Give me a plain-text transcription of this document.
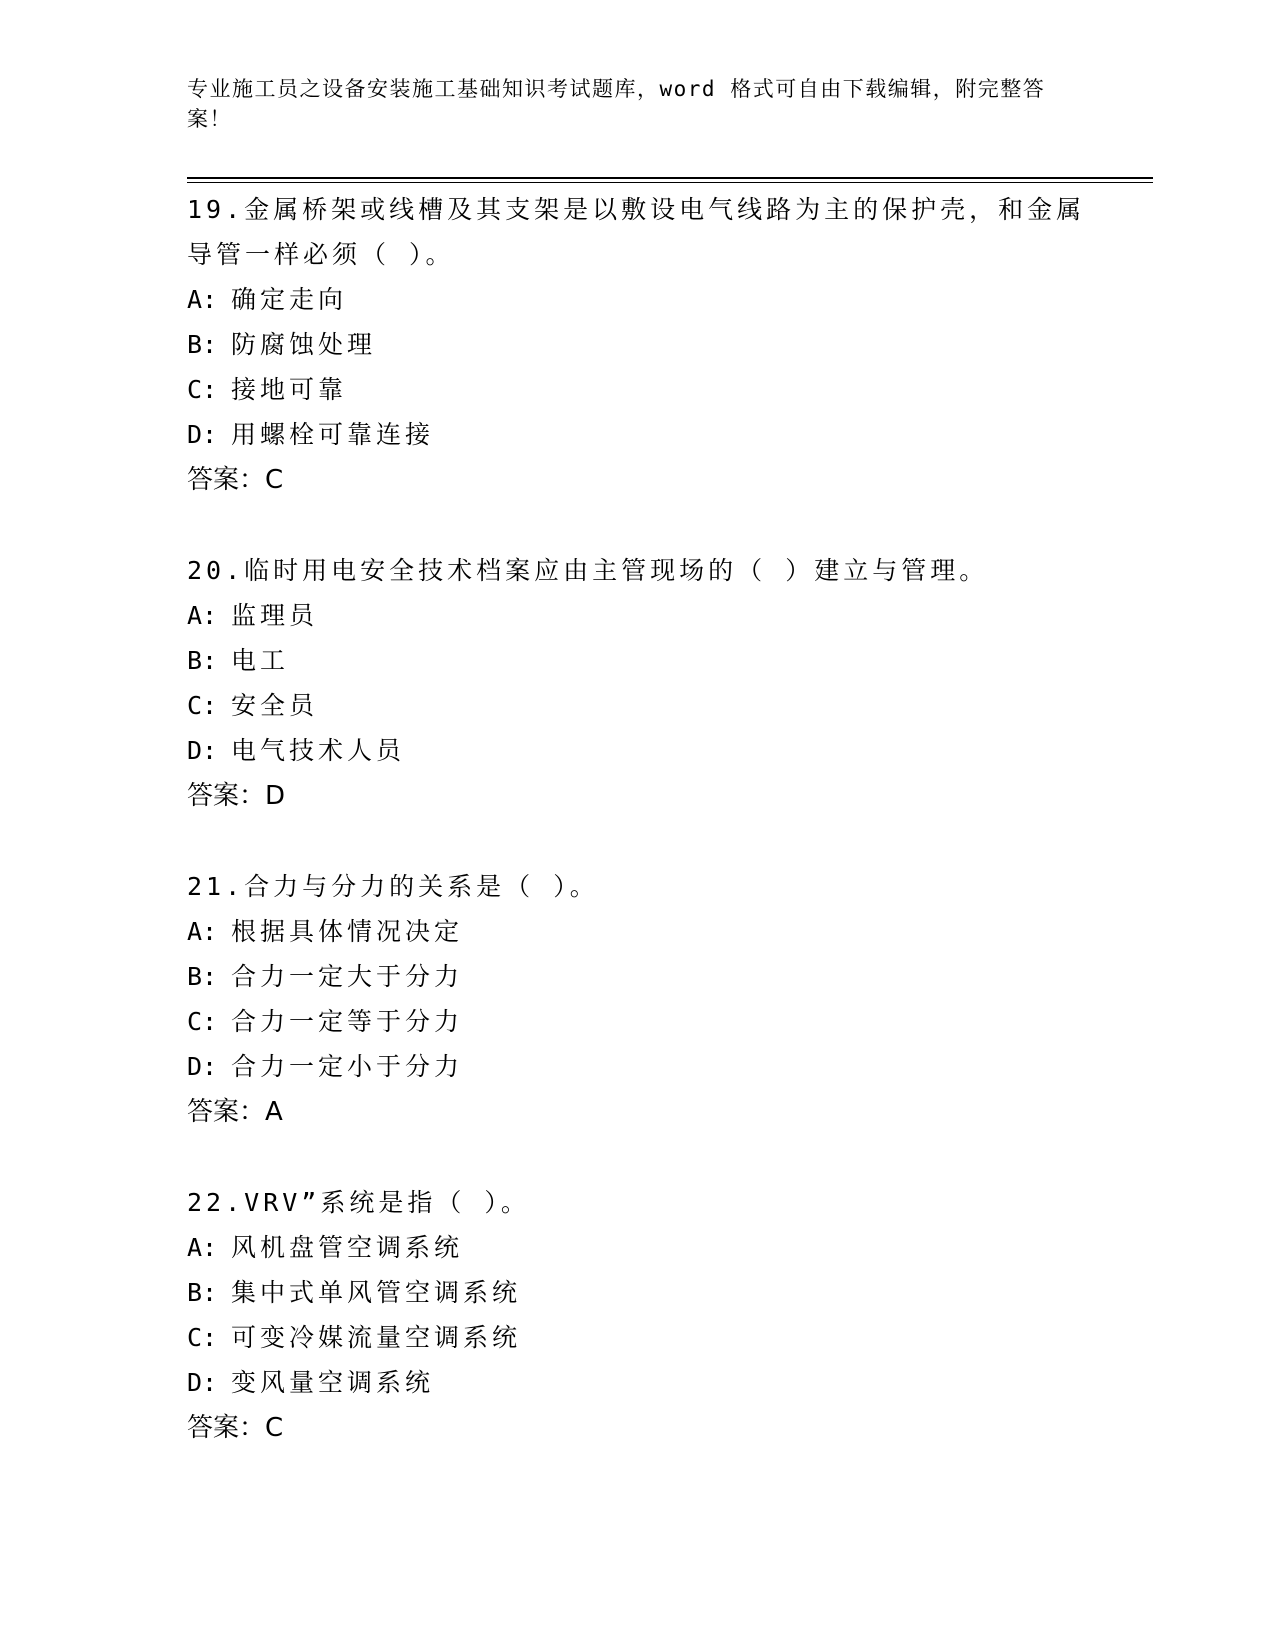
专业施工员之设备安装施工基础知识考试题库，word 格式可自由下载编辑，附完整答案！

19.金属桥架或线槽及其支架是以敷设电气线路为主的保护壳，和金属导管一样必须（ ）。

A: 确定走向

B: 防腐蚀处理

C: 接地可靠

D: 用螺栓可靠连接

答案：C

20.临时用电安全技术档案应由主管现场的（ ）建立与管理。

A: 监理员

B: 电工

C: 安全员

D: 电气技术人员

答案：D

21.合力与分力的关系是（ ）。

A: 根据具体情况决定

B: 合力一定大于分力

C: 合力一定等于分力

D: 合力一定小于分力

答案：A

22.VRV”系统是指（ ）。

A: 风机盘管空调系统

B: 集中式单风管空调系统

C: 可变冷媒流量空调系统

D: 变风量空调系统

答案：C
